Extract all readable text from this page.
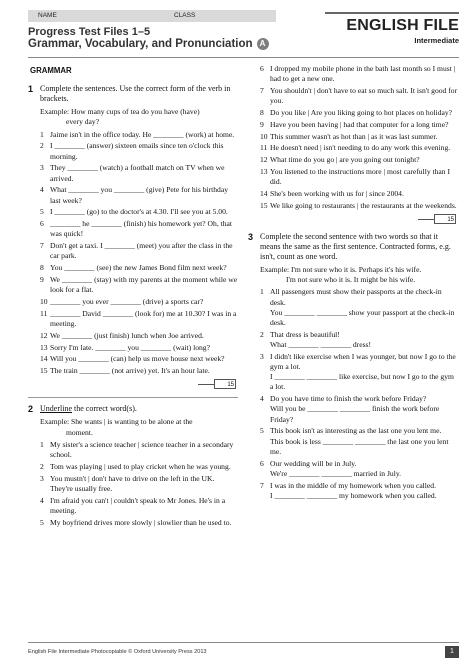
NAME	CLASS
Progress Test Files 1–5
Grammar, Vocabulary, and Pronunciation A
ENGLISH FILE
Intermediate
GRAMMAR
1 Complete the sentences. Use the correct form of the verb in brackets.
Example: How many cups of tea do you have (have)
every day?
1 Jaime isn't in the office today. He ________ (work) at home.
2 I ________ (answer) sixteen emails since ten o'clock this morning.
3 They ________ (watch) a football match on TV when we arrived.
4 What ________ you ________ (give) Pete for his birthday last week?
5 I ________ (go) to the doctor's at 4.30. I'll see you at 5.00.
6 ________ he ________ (finish) his homework yet? Oh, that was quick!
7 Don't get a taxi. I ________ (meet) you after the class in the car park.
8 You ________ (see) the new James Bond film next week?
9 We ________ (stay) with my parents at the moment while we look for a flat.
10 ________ you ever ________ (drive) a sports car?
11 ________ David ________ (look for) me at 10.30? I was in a meeting.
12 We ________ (just finish) lunch when Joe arrived.
13 Sorry I'm late. ________ you ________ (wait) long?
14 Will you ________ (can) help us move house next week?
15 The train ________ (not arrive) yet. It's an hour late.
15
2 Underline the correct word(s).
Example: She wants | is wanting to be alone at the
moment.
1 My sister's a science teacher | science teacher in a secondary school.
2 Tom was playing | used to play cricket when he was young.
3 You mustn't | don't have to drive on the left in the UK. They're usually free.
4 I'm afraid you can't | couldn't speak to Mr Jones. He's in a meeting.
5 My boyfriend drives more slowly | slowlier than he used to.
6 I dropped my mobile phone in the bath last month so I must | had to get a new one.
7 You shouldn't | don't have to eat so much salt. It isn't good for you.
8 Do you like | Are you liking going to hot places on holiday?
9 Have you been having | had that computer for a long time?
10 This summer wasn't as hot than | as it was last summer.
11 He doesn't need | isn't needing to do any work this evening.
12 What time do you go | are you going out tonight?
13 You listened to the instructions more | most carefully than I did.
14 She's been working with us for | since 2004.
15 We like going to restaurants | the restaurants at the weekends.
15
3 Complete the second sentence with two words so that it means the same as the first sentence. Contracted forms, e.g. isn't, count as one word.
Example: I'm not sure who it is. Perhaps it's his wife.
I'm not sure who it is. It might be his wife.
1 All passengers must show their passports at the check-in desk.
You ________ ________ show your passport at the check-in desk.
2 That dress is beautiful!
What ________ ________ dress!
3 I didn't like exercise when I was younger, but now I go to the gym a lot.
I ________ ________ like exercise, but now I go to the gym a lot.
4 Do you have time to finish the work before Friday?
Will you be ________ ________ finish the work before Friday?
5 This book isn't as interesting as the last one you lent me.
This book is less ________ ________ the last one you lent me.
6 Our wedding will be in July.
We're ________ ________ married in July.
7 I was in the middle of my homework when you called.
I ________ ________ my homework when you called.
English File Intermediate Photocopiable © Oxford University Press 2013	1
